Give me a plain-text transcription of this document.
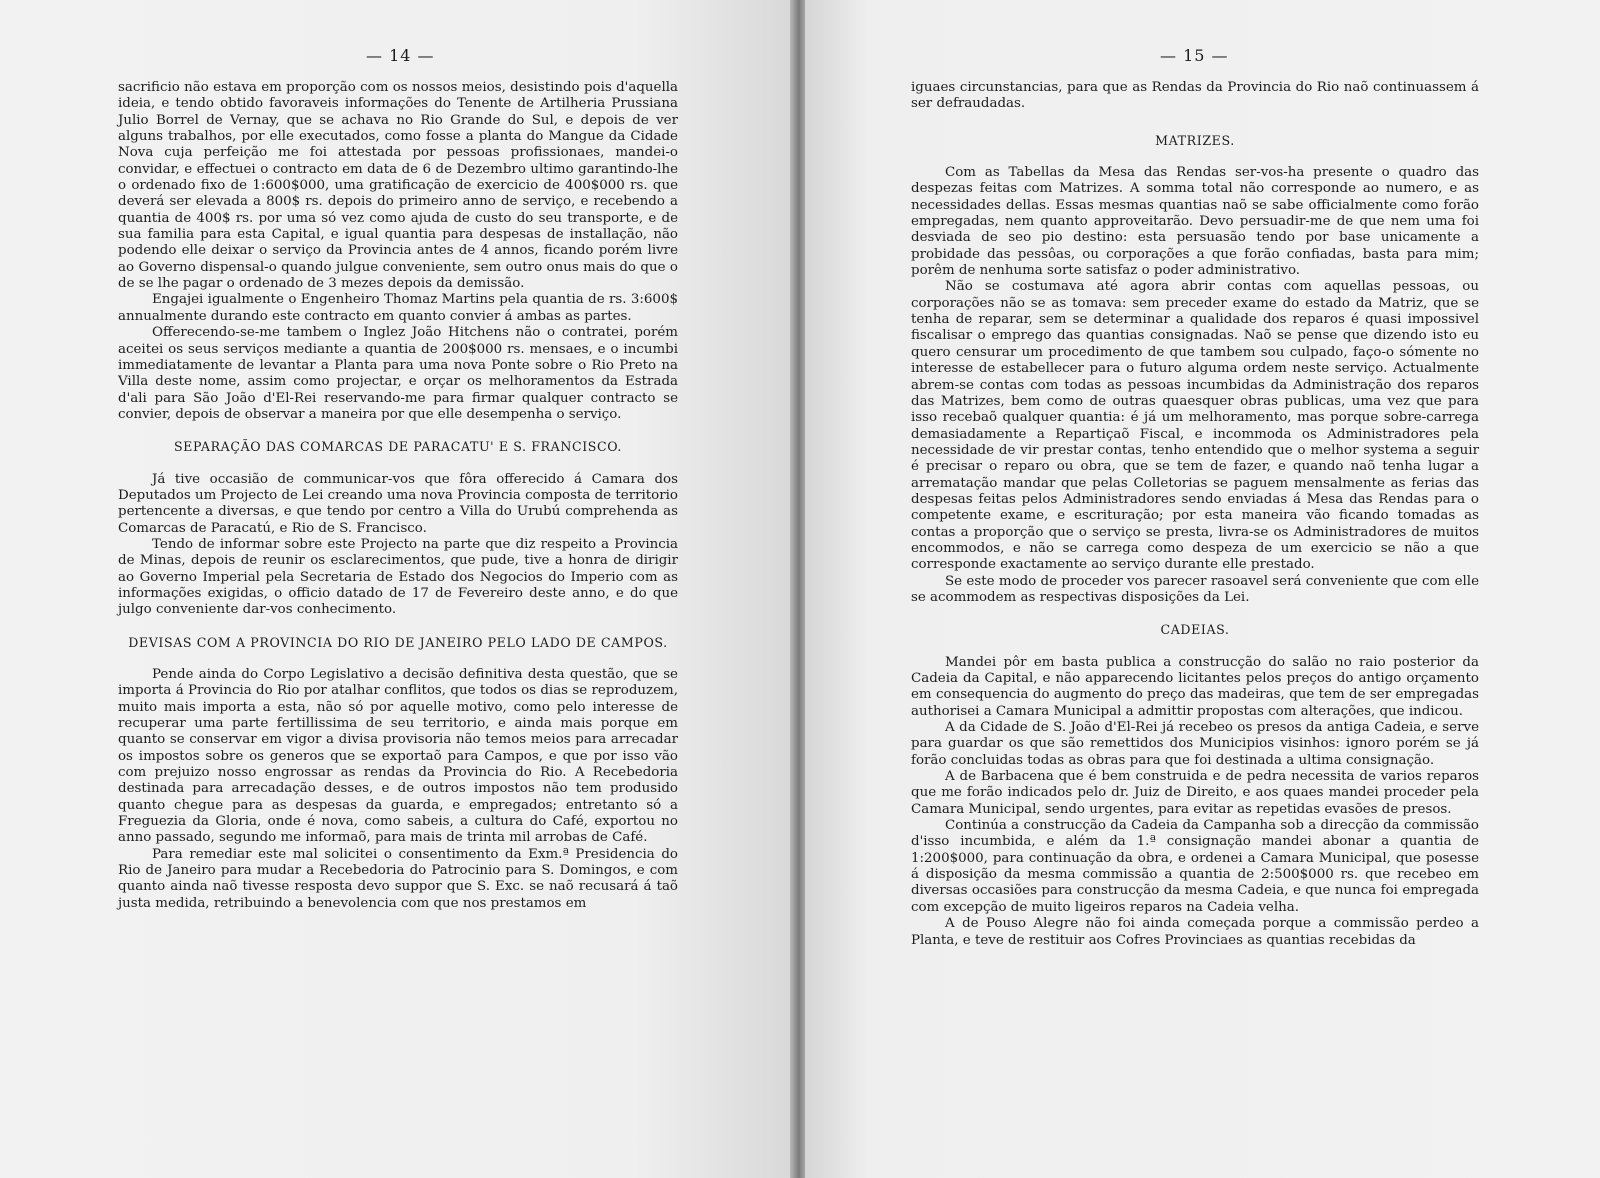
— 14 —

sacrificio não estava em proporção com os nossos meios, desistindo pois d'aquella ideia, e tendo obtido favoraveis informações do Tenente de Artilheria Prussiana Julio Borrel de Vernay, que se achava no Rio Grande do Sul, e depois de ver alguns trabalhos, por elle executados, como fosse a planta do Mangue da Cidade Nova cuja perfeição me foi attestada por pessoas profissionaes, mandei-o convidar, e effectuei o contracto em data de 6 de Dezembro ultimo garantindo-lhe o ordenado fixo de 1:600$000, uma gratificação de exercicio de 400$000 rs. que deverá ser elevada a 800$ rs. depois do primeiro anno de serviço, e recebendo a quantia de 400$ rs. por uma só vez como ajuda de custo do seu transporte, e de sua familia para esta Capital, e igual quantia para despesas de installação, não podendo elle deixar o serviço da Provincia antes de 4 annos, ficando porém livre ao Governo dispensal-o quando julgue conveniente, sem outro onus mais do que o de se lhe pagar o ordenado de 3 mezes depois da demissão.

Engajei igualmente o Engenheiro Thomaz Martins pela quantia de rs. 3:600$ annualmente durando este contracto em quanto convier á ambas as partes.

Offerecendo-se-me tambem o Inglez João Hitchens não o contratei, porém aceitei os seus serviços mediante a quantia de 200$000 rs. mensaes, e o incumbi immediatamente de levantar a Planta para uma nova Ponte sobre o Rio Preto na Villa deste nome, assim como projectar, e orçar os melhoramentos da Estrada d'ali para São João d'El-Rei reservando-me para firmar qualquer contracto se convier, depois de observar a maneira por que elle desempenha o serviço.

SEPARAÇÃO DAS COMARCAS DE PARACATU' E S. FRANCISCO.

Já tive occasião de communicar-vos que fôra offerecido á Camara dos Deputados um Projecto de Lei creando uma nova Provincia composta de territorio pertencente a diversas, e que tendo por centro a Villa do Urubú comprehenda as Comarcas de Paracatú, e Rio de S. Francisco.

Tendo de informar sobre este Projecto na parte que diz respeito a Provincia de Minas, depois de reunir os esclarecimentos, que pude, tive a honra de dirigir ao Governo Imperial pela Secretaria de Estado dos Negocios do Imperio com as informações exigidas, o officio datado de 17 de Fevereiro deste anno, e do que julgo conveniente dar-vos conhecimento.

DEVISAS COM A PROVINCIA DO RIO DE JANEIRO PELO LADO DE CAMPOS.

Pende ainda do Corpo Legislativo a decisão definitiva desta questão, que se importa á Provincia do Rio por atalhar conflitos, que todos os dias se reproduzem, muito mais importa a esta, não só por aquelle motivo, como pelo interesse de recuperar uma parte fertillissima de seu territorio, e ainda mais porque em quanto se conservar em vigor a divisa provisoria não temos meios para arrecadar os impostos sobre os generos que se exportaõ para Campos, e que por isso vão com prejuizo nosso engrossar as rendas da Provincia do Rio. A Recebedoria destinada para arrecadação desses, e de outros impostos não tem produsido quanto chegue para as despesas da guarda, e empregados; entretanto só a Freguezia da Gloria, onde é nova, como sabeis, a cultura do Café, exportou no anno passado, segundo me informaõ, para mais de trinta mil arrobas de Café.

Para remediar este mal solicitei o consentimento da Exm.ª Presidencia do Rio de Janeiro para mudar a Recebedoria do Patrocinio para S. Domingos, e com quanto ainda naõ tivesse resposta devo suppor que S. Exc. se naõ recusará á taõ justa medida, retribuindo a benevolencia com que nos prestamos em

— 15 —

iguaes circunstancias, para que as Rendas da Provincia do Rio naõ continuassem á ser defraudadas.

MATRIZES.

Com as Tabellas da Mesa das Rendas ser-vos-ha presente o quadro das despezas feitas com Matrizes. A somma total não corresponde ao numero, e as necessidades dellas. Essas mesmas quantias naõ se sabe officialmente como forão empregadas, nem quanto approveitarão. Devo persuadir-me de que nem uma foi desviada de seo pio destino: esta persuasão tendo por base unicamente a probidade das pessôas, ou corporações a que forão confiadas, basta para mim; porêm de nenhuma sorte satisfaz o poder administrativo.

Não se costumava até agora abrir contas com aquellas pessoas, ou corporações não se as tomava: sem preceder exame do estado da Matriz, que se tenha de reparar, sem se determinar a qualidade dos reparos é quasi impossivel fiscalisar o emprego das quantias consignadas. Naõ se pense que dizendo isto eu quero censurar um procedimento de que tambem sou culpado, faço-o sómente no interesse de estabellecer para o futuro alguma ordem neste serviço. Actualmente abrem-se contas com todas as pessoas incumbidas da Administração dos reparos das Matrizes, bem como de outras quaesquer obras publicas, uma vez que para isso recebaõ qualquer quantia: é já um melhoramento, mas porque sobre-carrega demasiadamente a Repartiçaõ Fiscal, e incommoda os Administradores pela necessidade de vir prestar contas, tenho entendido que o melhor systema a seguir é precisar o reparo ou obra, que se tem de fazer, e quando naõ tenha lugar a arrematação mandar que pelas Colletorias se paguem mensalmente as ferias das despesas feitas pelos Administradores sendo enviadas á Mesa das Rendas para o competente exame, e escrituração; por esta maneira vão ficando tomadas as contas a proporção que o serviço se presta, livra-se os Administradores de muitos encommodos, e não se carrega como despeza de um exercicio se não a que corresponde exactamente ao serviço durante elle prestado.

Se este modo de proceder vos parecer rasoavel será conveniente que com elle se acommodem as respectivas disposições da Lei.

CADEIAS.

Mandei pôr em basta publica a construcção do salão no raio posterior da Cadeia da Capital, e não apparecendo licitantes pelos preços do antigo orçamento em consequencia do augmento do preço das madeiras, que tem de ser empregadas authorisei a Camara Municipal a admittir propostas com alterações, que indicou.

A da Cidade de S. João d'El-Rei já recebeo os presos da antiga Cadeia, e serve para guardar os que são remettidos dos Municipios visinhos: ignoro porém se já forão concluidas todas as obras para que foi destinada a ultima consignação.

A de Barbacena que é bem construida e de pedra necessita de varios reparos que me forão indicados pelo dr. Juiz de Direito, e aos quaes mandei proceder pela Camara Municipal, sendo urgentes, para evitar as repetidas evasões de presos.

Continúa a construcção da Cadeia da Campanha sob a direcção da commissão d'isso incumbida, e além da 1.ª consignação mandei abonar a quantia de 1:200$000, para continuação da obra, e ordenei a Camara Municipal, que posesse á disposição da mesma commissão a quantia de 2:500$000 rs. que recebeo em diversas occasiões para construcção da mesma Cadeia, e que nunca foi empregada com excepção de muito ligeiros reparos na Cadeia velha.

A de Pouso Alegre não foi ainda começada porque a commissão perdeo a Planta, e teve de restituir aos Cofres Provinciaes as quantias recebidas da
